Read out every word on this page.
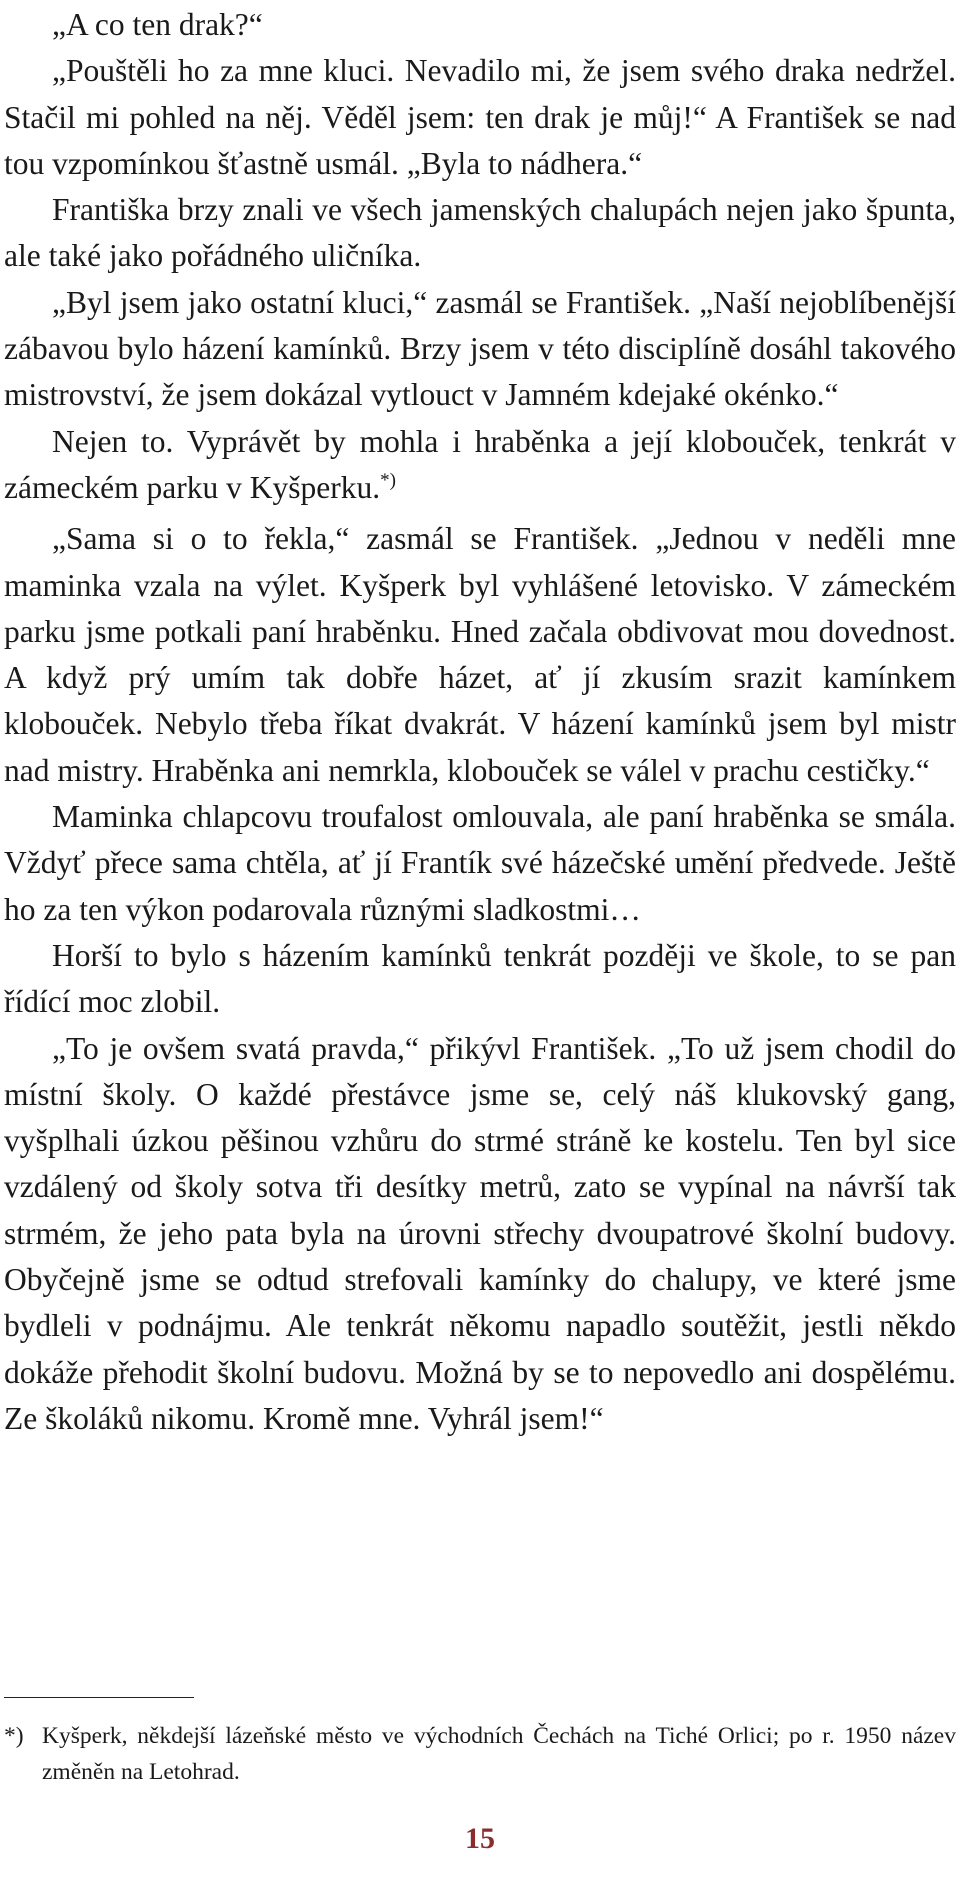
„A co ten drak?“

„Pouštěli ho za mne kluci. Nevadilo mi, že jsem svého draka nedržel. Stačil mi pohled na něj. Věděl jsem: ten drak je můj!“ A František se nad tou vzpomínkou šťastně usmál. „Byla to nádhera.“

Františka brzy znali ve všech jamenských chalupách nejen jako špunta, ale také jako pořádného uličníka.

„Byl jsem jako ostatní kluci,“ zasmál se František. „Naší nejoblíbenější zábavou bylo házení kamínků. Brzy jsem v této disciplíně dosáhl takového mistrovství, že jsem dokázal vytlouct v Jamném kdejaké okénko.“

Nejen to. Vyprávět by mohla i hraběnka a její klobouček, tenkrát v zámeckém parku v Kyšperku.*)

„Sama si o to řekla,“ zasmál se František. „Jednou v neděli mne maminka vzala na výlet. Kyšperk byl vyhlášené letovisko. V zámeckém parku jsme potkali paní hraběnku. Hned začala obdivovat mou dovednost. A když prý umím tak dobře házet, ať jí zkusím srazit kamínkem klobouček. Nebylo třeba říkat dvakrát. V házení kamínků jsem byl mistr nad mistry. Hraběnka ani nemrkla, klobouček se válel v prachu cestičky.“

Maminka chlapcovu troufalost omlouvala, ale paní hraběnka se smála. Vždyť přece sama chtěla, ať jí Frantík své házečské umění předvede. Ještě ho za ten výkon podarovala různými sladkostmi…

Horší to bylo s házením kamínků tenkrát později ve škole, to se pan řídící moc zlobil.

„To je ovšem svatá pravda,“ přikývl František. „To už jsem chodil do místní školy. O každé přestávce jsme se, celý náš klukovský gang, vyšplhali úzkou pěšinou vzhůru do strmé stráně ke kostelu. Ten byl sice vzdálený od školy sotva tři desítky metrů, zato se vypínal na návrší tak strmém, že jeho pata byla na úrovni střechy dvoupatrové školní budovy. Obyčejně jsme se odtud strefovali kamínky do chalupy, ve které jsme bydleli v podnájmu. Ale tenkrát někomu napadlo soutěžit, jestli někdo dokáže přehodit školní budovu. Možná by se to nepovedlo ani dospělému. Ze školáků nikomu. Kromě mne. Vyhrál jsem!“

*) Kyšperk, někdejší lázeňské město ve východních Čechách na Tiché Orlici; po r. 1950 název změněn na Letohrad.

15
